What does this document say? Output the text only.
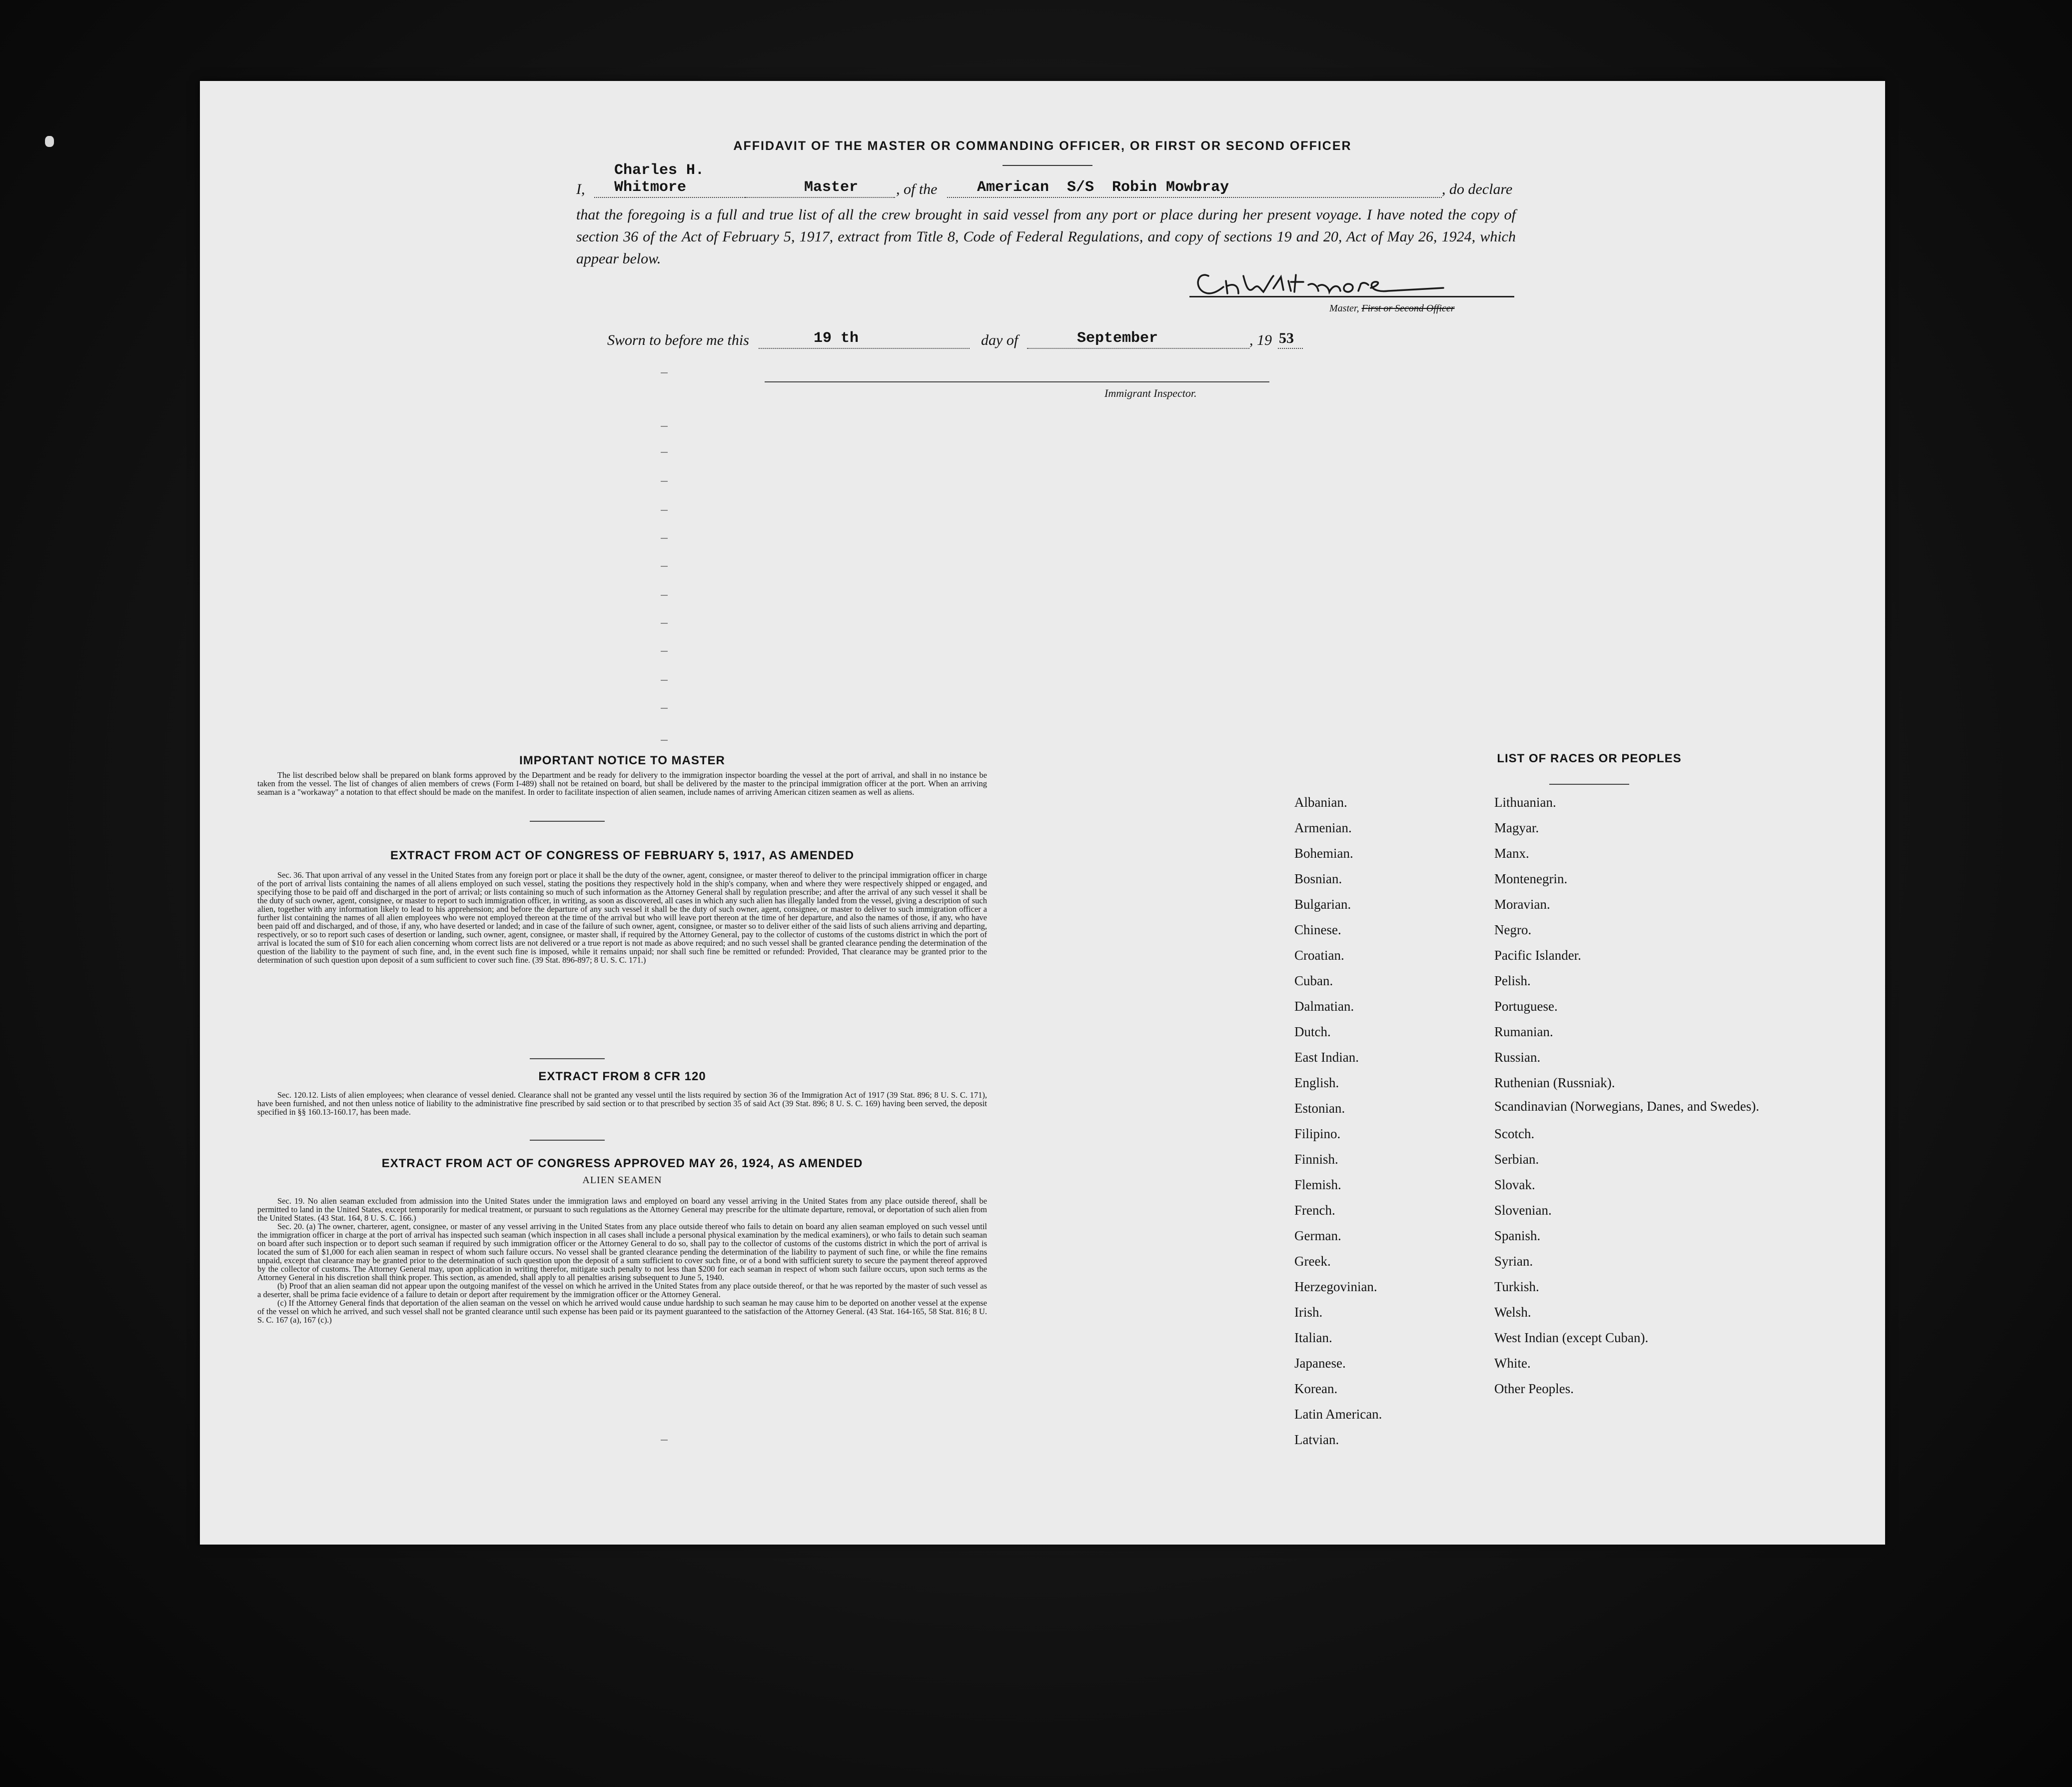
AFFIDAVIT OF THE MASTER OR COMMANDING OFFICER, OR FIRST OR SECOND OFFICER
I,
Charles H. Whitmore	Master	, of the	American  S/S  Robin Mowbray	, do declare
that the foregoing is a full and true list of all the crew brought in said vessel from any port or place during her present voyage. I have noted the copy of section 36 of the Act of February 5, 1917, extract from Title 8, Code of Federal Regulations, and copy of sections 19 and 20, Act of May 26, 1924, which appear below.
Master, First or Second Officer
Sworn to before me this	19 th	day of	September	, 19 53
Immigrant Inspector.
IMPORTANT NOTICE TO MASTER

The list described below shall be prepared on blank forms approved by the Department and be ready for delivery to the immigration inspector boarding the vessel at the port of arrival, and shall in no instance be taken from the vessel. The list of changes of alien members of crews (Form I-489) shall not be retained on board, but shall be delivered by the master to the principal immigration officer at the port. When an arriving seaman is a "workaway" a notation to that effect should be made on the manifest. In order to facilitate inspection of alien seamen, include names of arriving American citizen seamen as well as aliens.

EXTRACT FROM ACT OF CONGRESS OF FEBRUARY 5, 1917, AS AMENDED

Sec. 36. That upon arrival of any vessel in the United States from any foreign port or place it shall be the duty of the owner, agent, consignee, or master thereof to deliver to the principal immigration officer in charge of the port of arrival lists containing the names of all aliens employed on such vessel, stating the positions they respectively hold in the ship's company, when and where they were respectively shipped or engaged, and specifying those to be paid off and discharged in the port of arrival; or lists containing so much of such information as the Attorney General shall by regulation prescribe; and after the arrival of any such vessel it shall be the duty of such owner, agent, consignee, or master to report to such immigration officer, in writing, as soon as discovered, all cases in which any such alien has illegally landed from the vessel, giving a description of such alien, together with any information likely to lead to his apprehension; and before the departure of any such vessel it shall be the duty of such owner, agent, consignee, or master to deliver to such immigration officer a further list containing the names of all alien employees who were not employed thereon at the time of the arrival but who will leave port thereon at the time of her departure, and also the names of those, if any, who have been paid off and discharged, and of those, if any, who have deserted or landed; and in case of the failure of such owner, agent, consignee, or master so to deliver either of the said lists of such aliens arriving and departing, respectively, or so to report such cases of desertion or landing, such owner, agent, consignee, or master shall, if required by the Attorney General, pay to the collector of customs of the customs district in which the port of arrival is located the sum of $10 for each alien concerning whom correct lists are not delivered or a true report is not made as above required; and no such vessel shall be granted clearance pending the determination of the question of the liability to the payment of such fine, and, in the event such fine is imposed, while it remains unpaid; nor shall such fine be remitted or refunded: Provided, That clearance may be granted prior to the determination of such question upon deposit of a sum sufficient to cover such fine. (39 Stat. 896-897; 8 U. S. C. 171.)

EXTRACT FROM 8 CFR 120

Sec. 120.12. Lists of alien employees; when clearance of vessel denied. Clearance shall not be granted any vessel until the lists required by section 36 of the Immigration Act of 1917 (39 Stat. 896; 8 U. S. C. 171), have been furnished, and not then unless notice of liability to the administrative fine prescribed by said section or to that prescribed by section 35 of said Act (39 Stat. 896; 8 U. S. C. 169) having been served, the deposit specified in §§ 160.13-160.17, has been made.

EXTRACT FROM ACT OF CONGRESS APPROVED MAY 26, 1924, AS AMENDED
ALIEN SEAMEN

Sec. 19. No alien seaman excluded from admission into the United States under the immigration laws and employed on board any vessel arriving in the United States from any place outside thereof, shall be permitted to land in the United States, except temporarily for medical treatment, or pursuant to such regulations as the Attorney General may prescribe for the ultimate departure, removal, or deportation of such alien from the United States. (43 Stat. 164, 8 U. S. C. 166.)

Sec. 20. (a) The owner, charterer, agent, consignee, or master of any vessel arriving in the United States from any place outside thereof who fails to detain on board any alien seaman employed on such vessel until the immigration officer in charge at the port of arrival has inspected such seaman (which inspection in all cases shall include a personal physical examination by the medical examiners), or who fails to detain such seaman on board after such inspection or to deport such seaman if required by such immigration officer or the Attorney General to do so, shall pay to the collector of customs of the customs district in which the port of arrival is located the sum of $1,000 for each alien seaman in respect of whom such failure occurs. No vessel shall be granted clearance pending the determination of the liability to payment of such fine, or while the fine remains unpaid, except that clearance may be granted prior to the determination of such question upon the deposit of a sum sufficient to cover such fine, or of a bond with sufficient surety to secure the payment thereof approved by the collector of customs. The Attorney General may, upon application in writing therefor, mitigate such penalty to not less than $200 for each seaman in respect of whom such failure occurs, upon such terms as the Attorney General in his discretion shall think proper. This section, as amended, shall apply to all penalties arising subsequent to June 5, 1940.

(b) Proof that an alien seaman did not appear upon the outgoing manifest of the vessel on which he arrived in the United States from any place outside thereof, or that he was reported by the master of such vessel as a deserter, shall be prima facie evidence of a failure to detain or deport after requirement by the immigration officer or the Attorney General.

(c) If the Attorney General finds that deportation of the alien seaman on the vessel on which he arrived would cause undue hardship to such seaman he may cause him to be deported on another vessel at the expense of the vessel on which he arrived, and such vessel shall not be granted clearance until such expense has been paid or its payment guaranteed to the satisfaction of the Attorney General. (43 Stat. 164-165, 58 Stat. 816; 8 U. S. C. 167 (a), 167 (c).)

LIST OF RACES OR PEOPLES
Albanian.
Armenian.
Bohemian.
Bosnian.
Bulgarian.
Chinese.
Croatian.
Cuban.
Dalmatian.
Dutch.
East Indian.
English.
Estonian.
Filipino.
Finnish.
Flemish.
French.
German.
Greek.
Herzegovinian.
Irish.
Italian.
Japanese.
Korean.
Latin American.
Latvian.
Lithuanian.
Magyar.
Manx.
Montenegrin.
Moravian.
Negro.
Pacific Islander.
Pelish.
Portuguese.
Rumanian.
Russian.
Ruthenian (Russniak).
Scandinavian (Norwegians, Danes, and Swedes).
Scotch.
Serbian.
Slovak.
Slovenian.
Spanish.
Syrian.
Turkish.
Welsh.
West Indian (except Cuban).
White.
Other Peoples.
